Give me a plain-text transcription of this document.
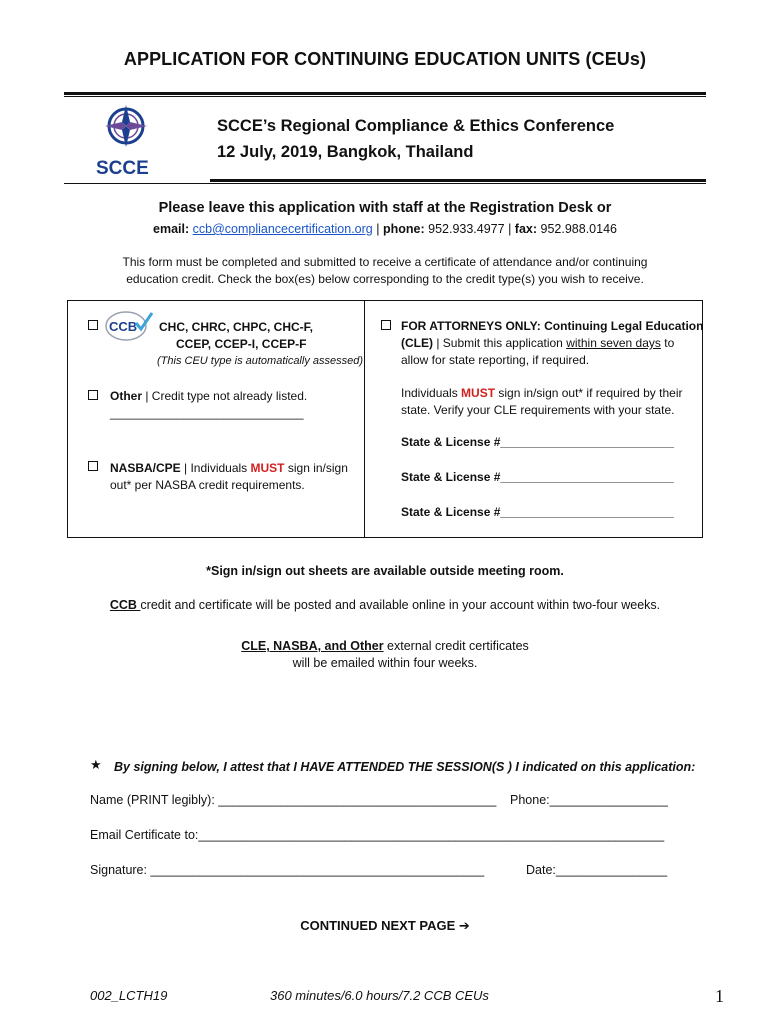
APPLICATION FOR CONTINUING EDUCATION UNITS (CEUs)
SCCE
SCCE’s Regional Compliance & Ethics Conference
12 July, 2019, Bangkok, Thailand
Please leave this application with staff at the Registration Desk or
email: ccb@compliancecertification.org | phone: 952.933.4977 | fax: 952.988.0146
This form must be completed and submitted to receive a certificate of attendance and/or continuing
education credit. Check the box(es) below corresponding to the credit type(s) you wish to receive.
CCB CHC, CHRC, CHPC, CHC-F,
CCEP, CCEP-I, CCEP-F
(This CEU type is automatically assessed)
Other | Credit type not already listed.
_____________________________
NASBA/CPE | Individuals MUST sign in/sign
out* per NASBA credit requirements.
FOR ATTORNEYS ONLY: Continuing Legal Education
(CLE) | Submit this application within seven days to
allow for state reporting, if required.
Individuals MUST sign in/sign out* if required by their
state. Verify your CLE requirements with your state.
State & License #__________________________
State & License #__________________________
State & License #__________________________
*Sign in/sign out sheets are available outside meeting room.
CCB credit and certificate will be posted and available online in your account within two-four weeks.
CLE, NASBA, and Other external credit certificates
will be emailed within four weeks.
★ By signing below, I attest that I HAVE ATTENDED THE SESSION(S ) I indicated on this application:
Name (PRINT legibly): ________________________________________ Phone:_________________
Email Certificate to:___________________________________________________________________
Signature: ________________________________________________	Date:________________
CONTINUED NEXT PAGE ➔
002_LCTH19	360 minutes/6.0 hours/7.2 CCB CEUs	1
